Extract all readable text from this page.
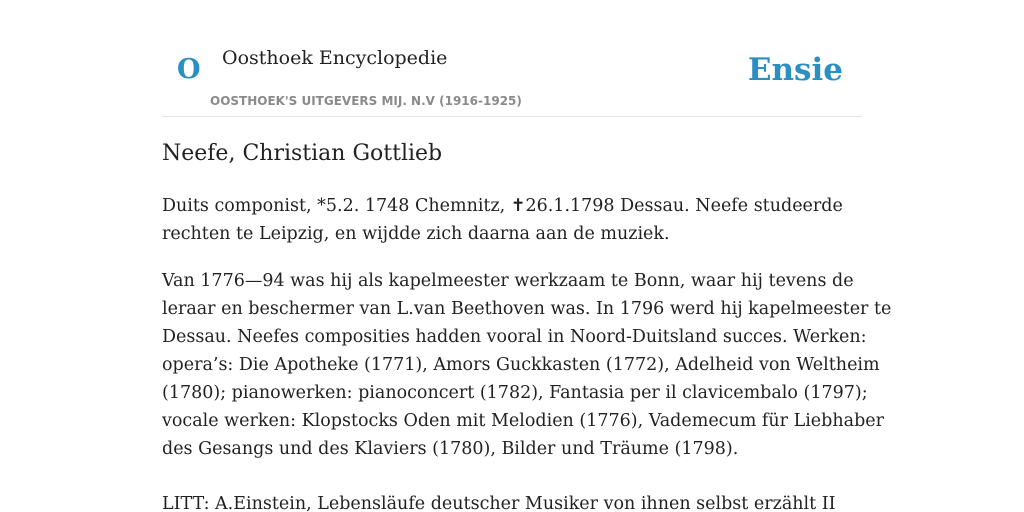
O Oosthoek Encyclopedie
OOSTHOEK'S UITGEVERS MIJ. N.V (1916-1925)
Ensie
Neefe, Christian Gottlieb

Duits componist, *5.2. 1748 Chemnitz, ✝26.1.1798 Dessau. Neefe studeerde
rechten te Leipzig, en wijdde zich daarna aan de muziek.

Van 1776—94 was hij als kapelmeester werkzaam te Bonn, waar hij tevens de
leraar en beschermer van L.van Beethoven was. In 1796 werd hij kapelmeester te
Dessau. Neefes composities hadden vooral in Noord-Duitsland succes. Werken:
opera’s: Die Apotheke (1771), Amors Guckkasten (1772), Adelheid von Weltheim
(1780); pianowerken: pianoconcert (1782), Fantasia per il clavicembalo (1797);
vocale werken: Klopstocks Oden mit Melodien (1776), Vademecum für Liebhaber
des Gesangs und des Klaviers (1780), Bilder und Träume (1798).

LITT: A.Einstein, Lebensläufe deutscher Musiker von ihnen selbst erzählt II
